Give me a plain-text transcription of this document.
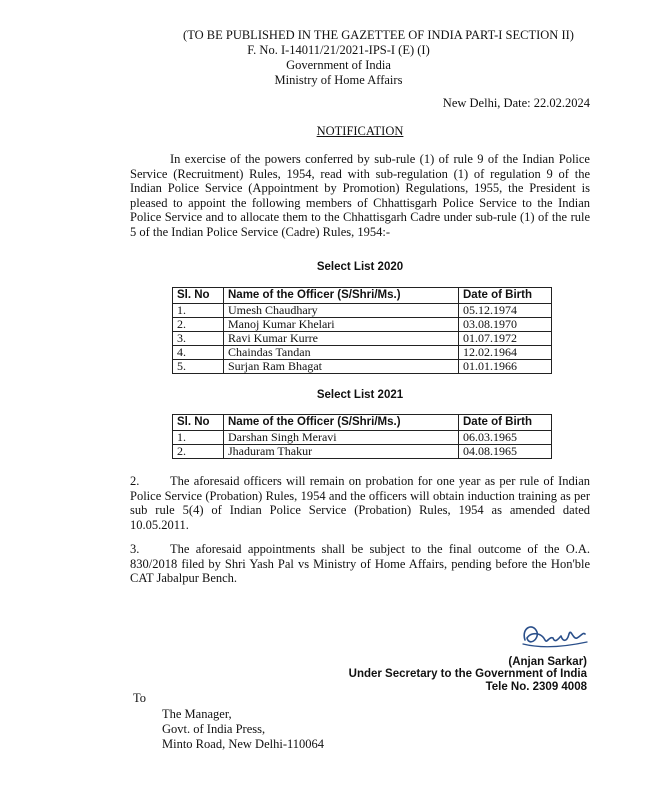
(TO BE PUBLISHED IN THE GAZETTEE OF INDIA PART-I SECTION II)
F. No. I-14011/21/2021-IPS-I (E) (I)
Government of India
Ministry of Home Affairs
New Delhi, Date: 22.02.2024
NOTIFICATION
In exercise of the powers conferred by sub-rule (1) of rule 9 of the Indian Police Service (Recruitment) Rules, 1954, read with sub-regulation (1) of regulation 9 of the Indian Police Service (Appointment by Promotion) Regulations, 1955, the President is pleased to appoint the following members of Chhattisgarh Police Service to the Indian Police Service and to allocate them to the Chhattisgarh Cadre under sub-rule (1) of the rule 5 of the Indian Police Service (Cadre) Rules, 1954:-
Select List 2020
Sl. No	Name of the Officer (S/Shri/Ms.)	Date of Birth
1.	Umesh Chaudhary	05.12.1974
2.	Manoj Kumar Khelari	03.08.1970
3.	Ravi Kumar Kurre	01.07.1972
4.	Chaindas Tandan	12.02.1964
5.	Surjan Ram Bhagat	01.01.1966
Select List 2021
Sl. No	Name of the Officer (S/Shri/Ms.)	Date of Birth
1.	Darshan Singh Meravi	06.03.1965
2.	Jhaduram Thakur	04.08.1965
2. The aforesaid officers will remain on probation for one year as per rule of Indian Police Service (Probation) Rules, 1954 and the officers will obtain induction training as per sub rule 5(4) of Indian Police Service (Probation) Rules, 1954 as amended dated 10.05.2011.
3. The aforesaid appointments shall be subject to the final outcome of the O.A. 830/2018 filed by Shri Yash Pal vs Ministry of Home Affairs, pending before the Hon'ble CAT Jabalpur Bench.
(Anjan Sarkar)
Under Secretary to the Government of India
Tele No. 2309 4008
To
The Manager,
Govt. of India Press,
Minto Road, New Delhi-110064
